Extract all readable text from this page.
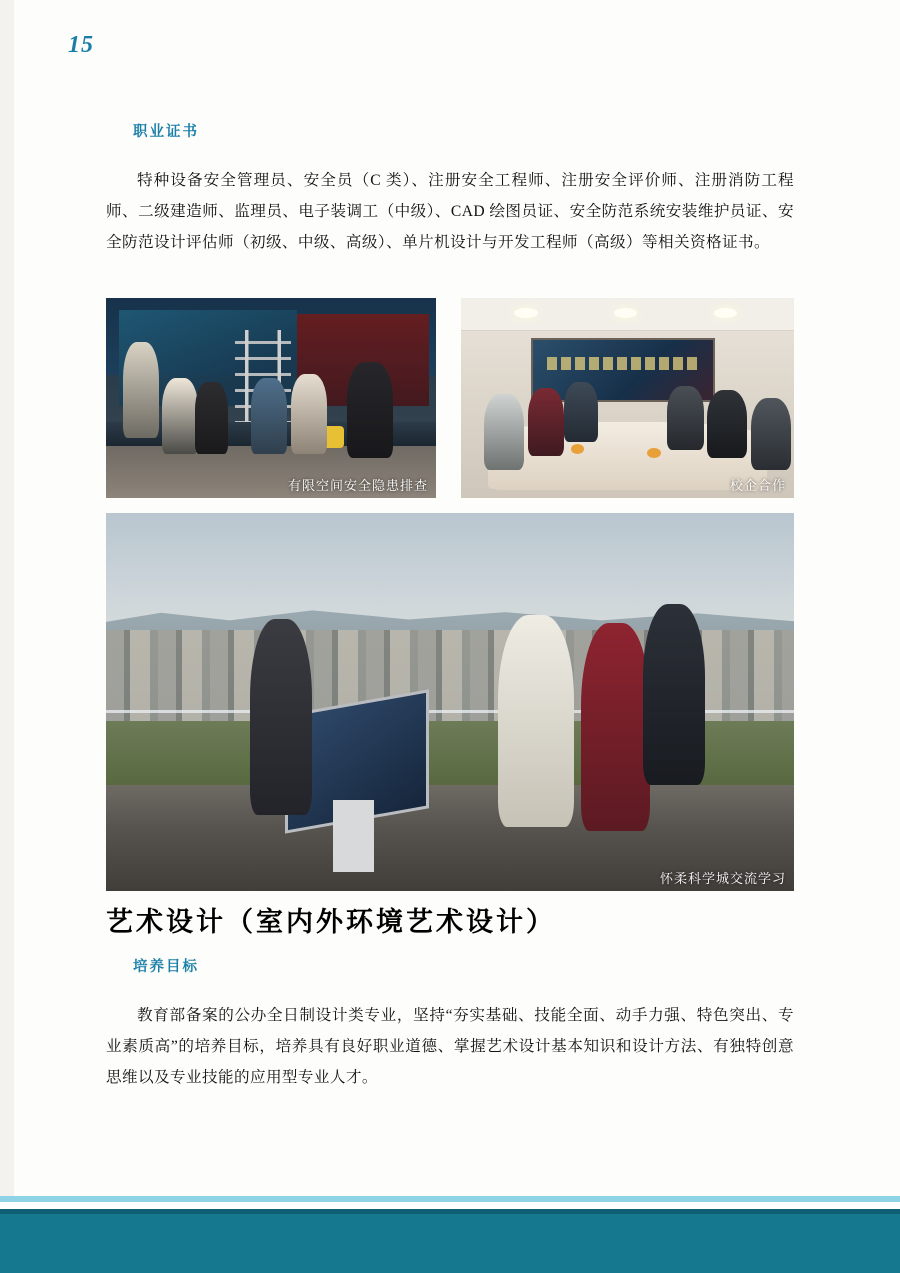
15
职业证书
特种设备安全管理员、安全员（C 类）、注册安全工程师、注册安全评价师、注册消防工程师、二级建造师、监理员、电子装调工（中级）、CAD 绘图员证、安全防范系统安装维护员证、安全防范设计评估师（初级、中级、高级）、单片机设计与开发工程师（高级）等相关资格证书。
有限空间安全隐患排查	校企合作
怀柔科学城交流学习
艺术设计（室内外环境艺术设计）
培养目标
教育部备案的公办全日制设计类专业，坚持“夯实基础、技能全面、动手力强、特色突出、专业素质高”的培养目标，培养具有良好职业道德、掌握艺术设计基本知识和设计方法、有独特创意思维以及专业技能的应用型专业人才。
